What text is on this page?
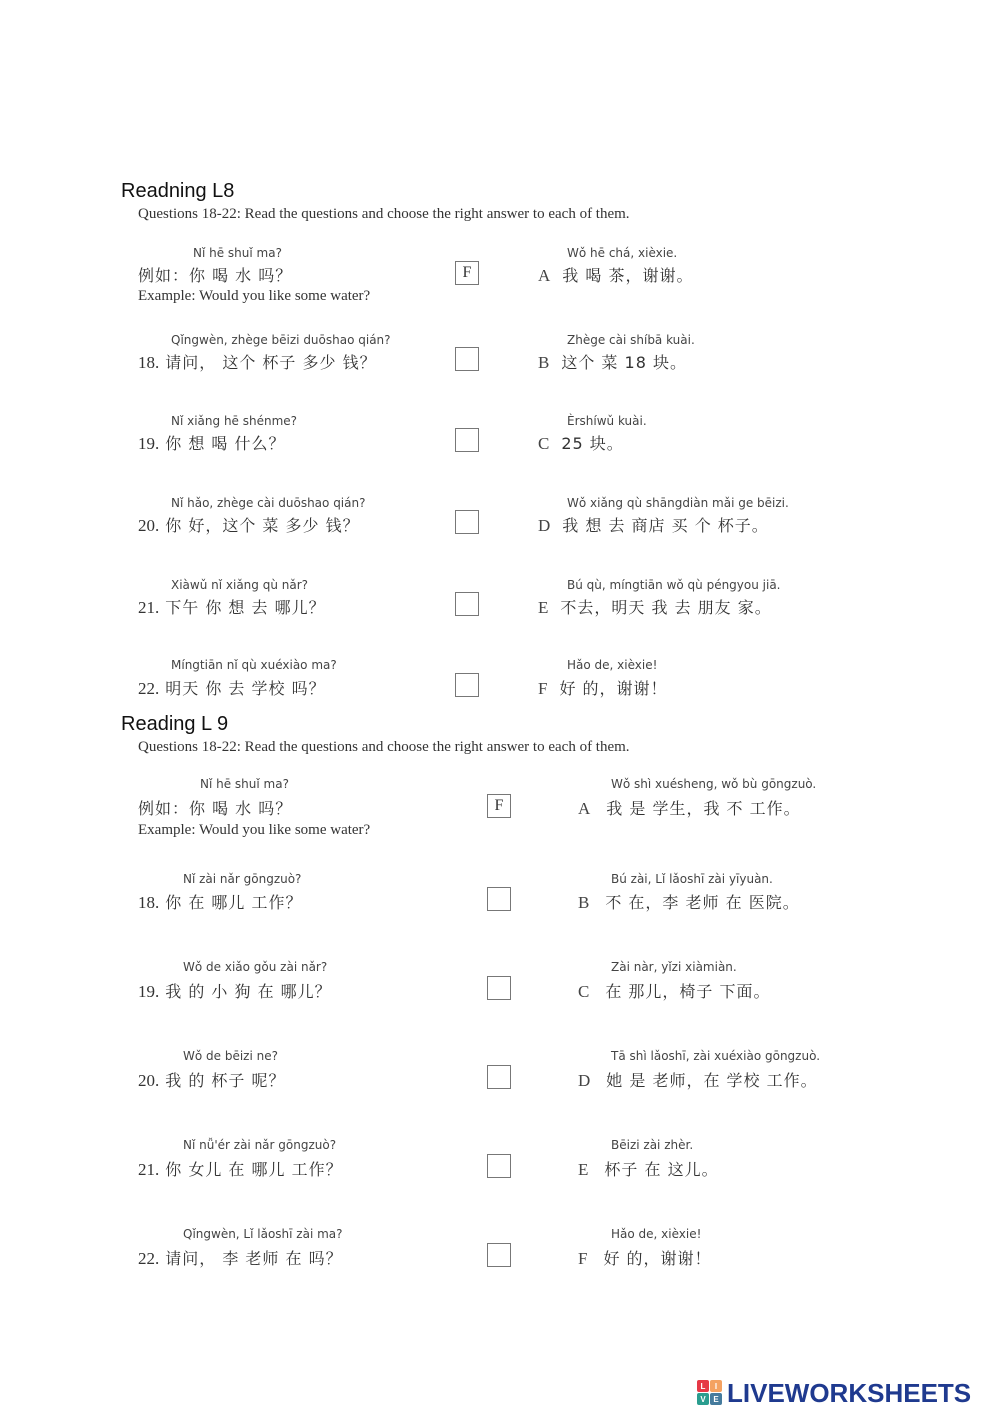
Readning L8
Questions 18-22: Read the questions and choose the right answer to each of them.
Nǐ hē shuǐ ma?
例如：你 喝 水 吗？
Example: Would you like some water?
F
Qǐngwèn, zhège bēizi duōshao qián?
18. 请问， 这个 杯子 多少 钱？
Nǐ xiǎng hē shénme?
19. 你 想 喝 什么？
Nǐ hǎo, zhège cài duōshao qián?
20. 你 好，这个 菜 多少 钱？
Xiàwǔ nǐ xiǎng qù nǎr?
21. 下午 你 想 去 哪儿？
Míngtiān nǐ qù xuéxiào ma?
22. 明天 你 去 学校 吗？
Wǒ hē chá, xièxie.
A 我 喝 茶，谢谢。
Zhège cài shíbā kuài.
B 这个 菜 18 块。
Èrshíwǔ kuài.
C 25 块。
Wǒ xiǎng qù shāngdiàn mǎi ge bēizi.
D 我 想 去 商店 买 个 杯子。
Bú qù, míngtiān wǒ qù péngyou jiā.
E 不去，明天 我 去 朋友 家。
Hǎo de, xièxie!
F 好 的，谢谢！
Reading L 9
Questions 18-22: Read the questions and choose the right answer to each of them.
Nǐ hē shuǐ ma?
例如：你 喝 水 吗？
Example: Would you like some water?
F
Nǐ zài nǎr gōngzuò?
18. 你 在 哪儿 工作？
Wǒ de xiǎo gǒu zài nǎr?
19. 我 的 小 狗 在 哪儿？
Wǒ de bēizi ne?
20. 我 的 杯子 呢？
Nǐ nǚ'ér zài nǎr gōngzuò?
21. 你 女儿 在 哪儿 工作？
Qǐngwèn, Lǐ lǎoshī zài ma?
22. 请问， 李 老师 在 吗？
Wǒ shì xuésheng, wǒ bù gōngzuò.
A 我 是 学生，我 不 工作。
Bú zài, Lǐ lǎoshī zài yīyuàn.
B 不 在，李 老师 在 医院。
Zài nàr, yǐzi xiàmiàn.
C 在 那儿，椅子 下面。
Tā shì lǎoshī, zài xuéxiào gōngzuò.
D 她 是 老师，在 学校 工作。
Bēizi zài zhèr.
E 杯子 在 这儿。
Hǎo de, xièxie!
F 好 的，谢谢！
L I
V E LIVEWORKSHEETS
